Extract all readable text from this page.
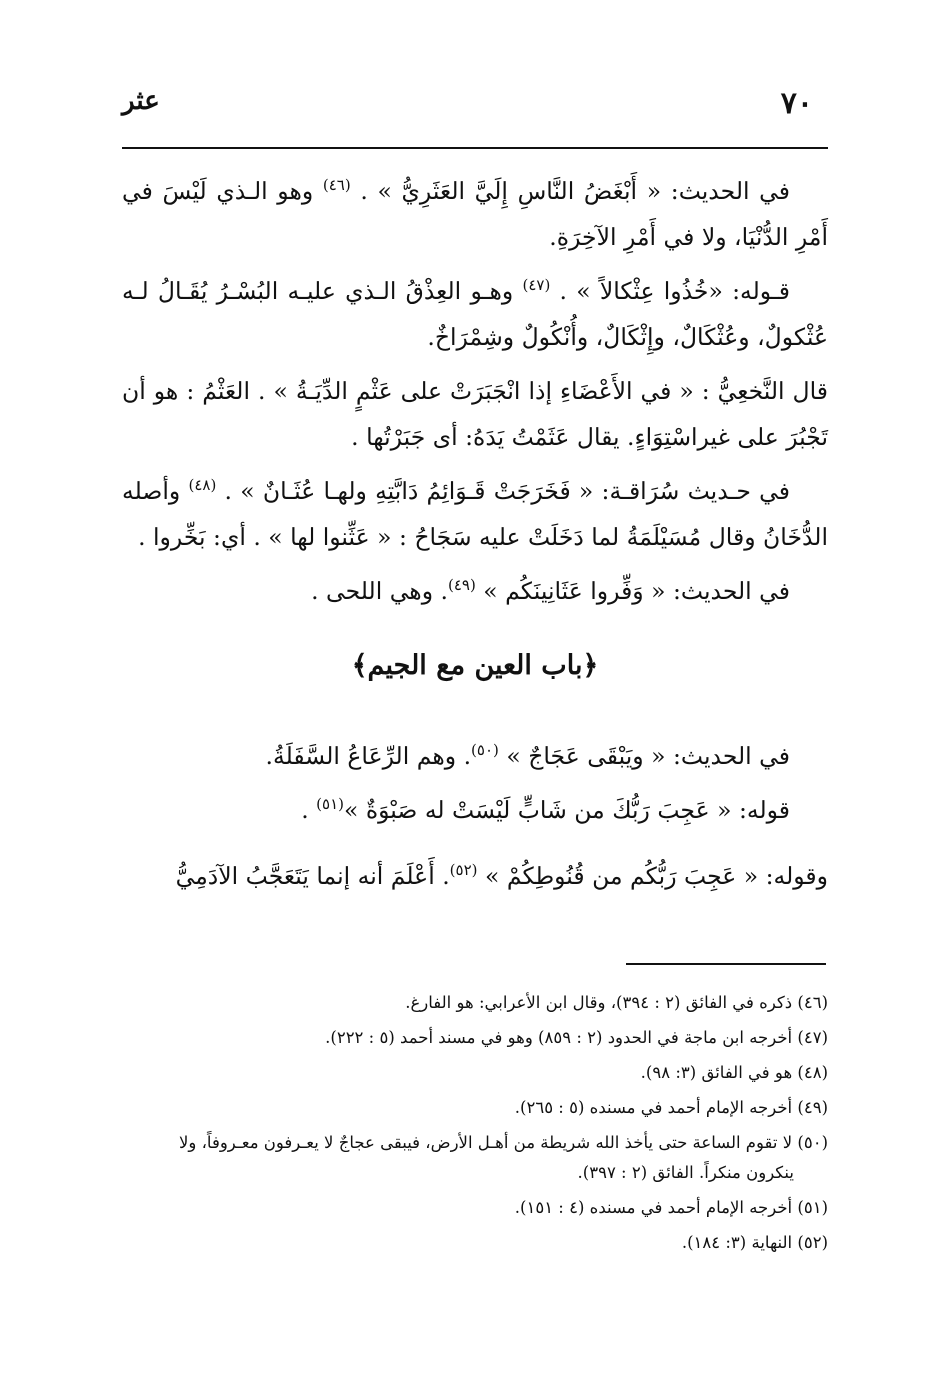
٧٠
عثر

في الحديث: « أَبْغَضُ النَّاسِ إِلَيَّ العَثَرِيُّ » . $^{(٤٦)}$ وهو الـذي لَيْسَ في أَمْرِ الدُّنْيَا، ولا في أَمْرِ الآخِرَةِ.

قـوله: «خُذُوا عِثْكالاً » . $^{(٤٧)}$ وهـو العِذْقُ الـذي عليـه البُسْـرُ يُقَـالُ لـه عُثْكولٌ، وعُثْكَالٌ، وإِثْكَالٌ، وأُنْكُولٌ وشِمْرَاخٌ.

قال النَّخعِيُّ : « في الأَعْضَاءِ إذا انْجَبَرَتْ على عَثْمٍ الدِّيَـةُ » . العَثْمُ : هو أن تَجْبُرَ على غيراسْتِوَاءٍ. يقال عَثَمْتُ يَدَهُ: أى جَبَرْتُها .

في حـديث سُرَاقـة: « فَخَرَجَتْ قَـوَائِمُ دَابَّتِهِ ولهـا عُثَـانٌ » . $^{(٤٨)}$ وأصله الدُّخَانُ وقال مُسَيْلَمَةُ لما دَخَلَتْ عليه سَجَاحُ : « عَثِّنوا لها » . أي: بَخِّروا .

في الحديث: « وَفِّروا عَثَانِينَكُم » $^{(٤٩)}$. وهي اللحى .

﴿باب العين مع الجيم﴾

في الحديث: « ويَبْقَى عَجَاجٌ » $^{(٥٠)}$. وهم الرِّعَاعُ السَّفَلَةُ.

قوله: « عَجِبَ رَبُّكَ من شَابٍّ لَيْسَتْ له صَبْوَةٌ »$^{(٥١)}$ .

وقوله: « عَجِبَ رَبُّكُم من قُنُوطِكُمْ » $^{(٥٢)}$. أَعْلَمَ أنه إنما يَتَعَجَّبُ الآدَمِيُّ

(٤٦) ذكره في الفائق (٢ : ٣٩٤)، وقال ابن الأعرابي: هو الفارغ.

(٤٧) أخرجه ابن ماجة في الحدود (٢ : ٨٥٩) وهو في مسند أحمد (٥ : ٢٢٢).

(٤٨) هو في الفائق (٣: ٩٨).

(٤٩) أخرجه الإمام أحمد في مسنده (٥ : ٢٦٥).

(٥٠) لا تقوم الساعة حتى يأخذ الله شريطة من أهـل الأرض، فيبقى عجاجٌ لا يعـرفون معـروفاً، ولا

ينكرون منكراً. الفائق (٢ : ٣٩٧).

(٥١) أخرجه الإمام أحمد في مسنده (٤ : ١٥١).

(٥٢) النهاية (٣: ١٨٤).
